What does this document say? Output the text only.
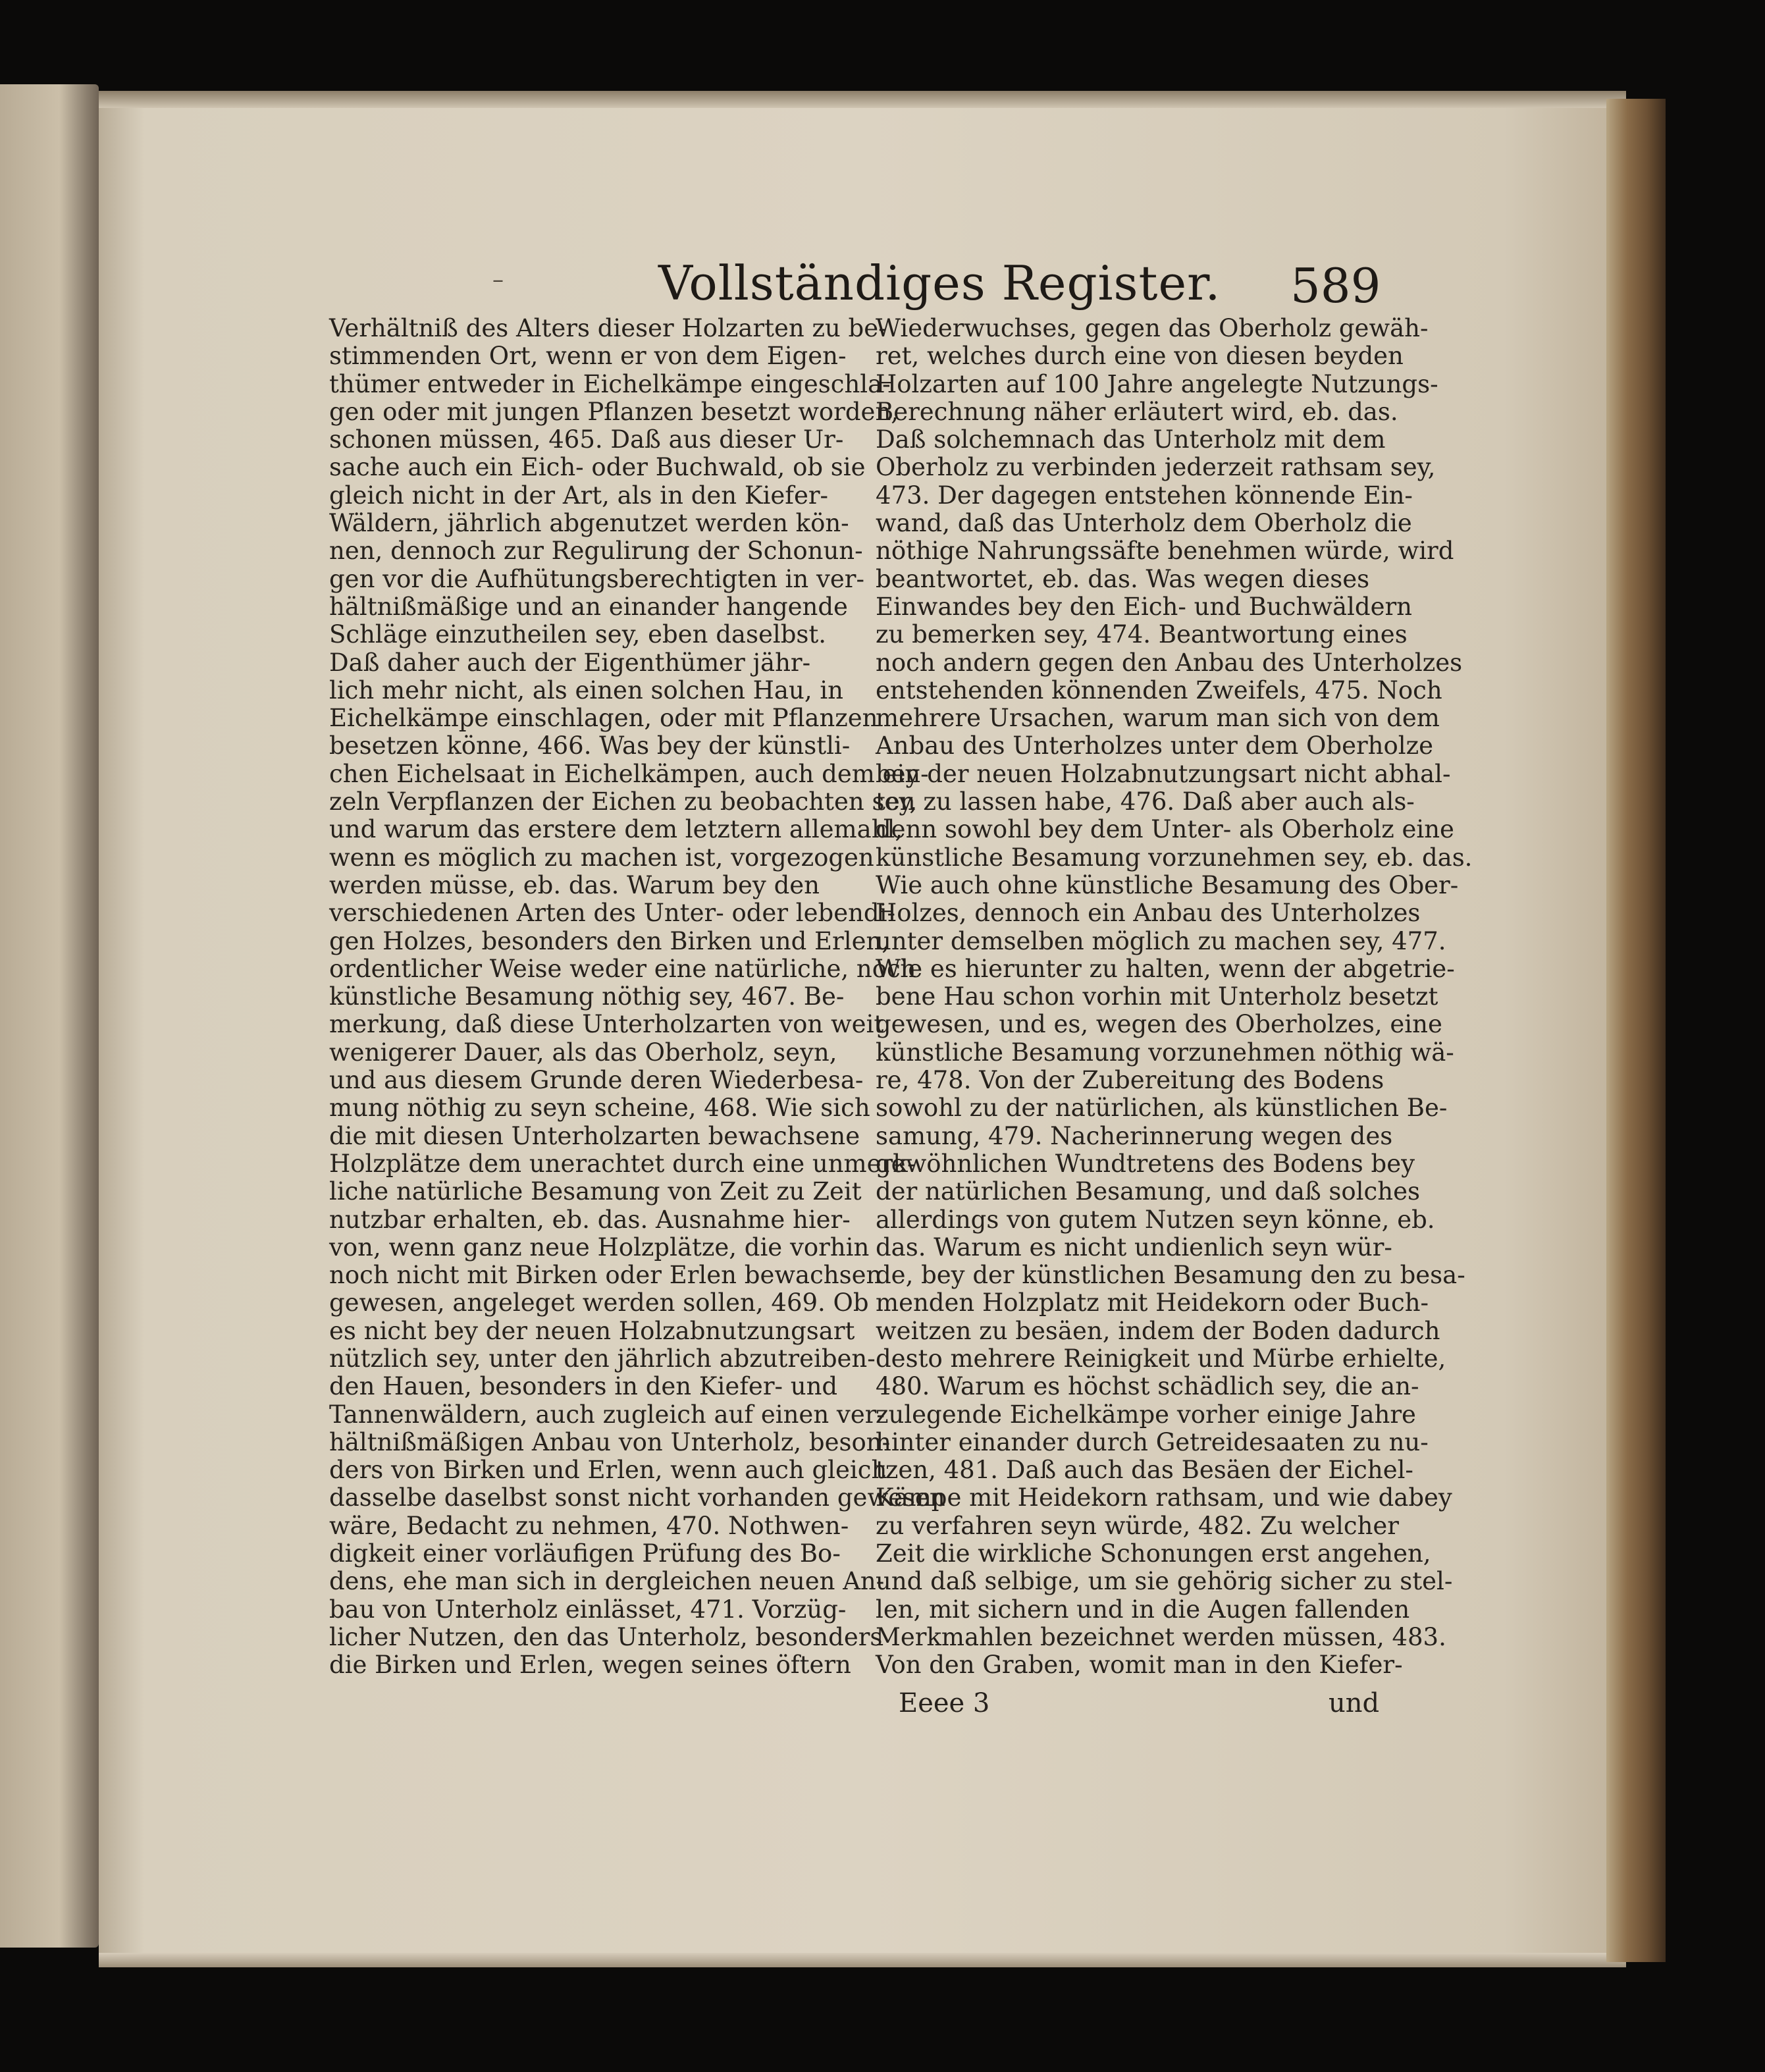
–	Vollständiges Register.	589
Verhältniß des Alters dieser Holzarten zu be-
stimmenden Ort, wenn er von dem Eigen-
thümer entweder in Eichelkämpe eingeschla-
gen oder mit jungen Pflanzen besetzt worden,
schonen müssen, 465. Daß aus dieser Ur-
sache auch ein Eich- oder Buchwald, ob sie
gleich nicht in der Art, als in den Kiefer-
Wäldern, jährlich abgenutzet werden kön-
nen, dennoch zur Regulirung der Schonun-
gen vor die Aufhütungsberechtigten in ver-
hältnißmäßige und an einander hangende
Schläge einzutheilen sey, eben daselbst.
Daß daher auch der Eigenthümer jähr-
lich mehr nicht, als einen solchen Hau, in
Eichelkämpe einschlagen, oder mit Pflanzen
besetzen könne, 466. Was bey der künstli-
chen Eichelsaat in Eichelkämpen, auch dem ein-
zeln Verpflanzen der Eichen zu beobachten sey,
und warum das erstere dem letztern allemahl,
wenn es möglich zu machen ist, vorgezogen
werden müsse, eb. das. Warum bey den
verschiedenen Arten des Unter- oder lebendi-
gen Holzes, besonders den Birken und Erlen,
ordentlicher Weise weder eine natürliche, noch
künstliche Besamung nöthig sey, 467. Be-
merkung, daß diese Unterholzarten von weit
wenigerer Dauer, als das Oberholz, seyn,
und aus diesem Grunde deren Wiederbesa-
mung nöthig zu seyn scheine, 468. Wie sich
die mit diesen Unterholzarten bewachsene
Holzplätze dem unerachtet durch eine unmerk-
liche natürliche Besamung von Zeit zu Zeit
nutzbar erhalten, eb. das. Ausnahme hier-
von, wenn ganz neue Holzplätze, die vorhin
noch nicht mit Birken oder Erlen bewachsen
gewesen, angeleget werden sollen, 469. Ob
es nicht bey der neuen Holzabnutzungsart
nützlich sey, unter den jährlich abzutreiben-
den Hauen, besonders in den Kiefer- und
Tannenwäldern, auch zugleich auf einen ver-
hältnißmäßigen Anbau von Unterholz, beson-
ders von Birken und Erlen, wenn auch gleich
dasselbe daselbst sonst nicht vorhanden gewesen
wäre, Bedacht zu nehmen, 470. Nothwen-
digkeit einer vorläufigen Prüfung des Bo-
dens, ehe man sich in dergleichen neuen An-
bau von Unterholz einlässet, 471. Vorzüg-
licher Nutzen, den das Unterholz, besonders
die Birken und Erlen, wegen seines öftern
Wiederwuchses, gegen das Oberholz gewäh-
ret, welches durch eine von diesen beyden
Holzarten auf 100 Jahre angelegte Nutzungs-
Berechnung näher erläutert wird, eb. das.
Daß solchemnach das Unterholz mit dem
Oberholz zu verbinden jederzeit rathsam sey,
473. Der dagegen entstehen könnende Ein-
wand, daß das Unterholz dem Oberholz die
nöthige Nahrungssäfte benehmen würde, wird
beantwortet, eb. das. Was wegen dieses
Einwandes bey den Eich- und Buchwäldern
zu bemerken sey, 474. Beantwortung eines
noch andern gegen den Anbau des Unterholzes
entstehenden könnenden Zweifels, 475. Noch
mehrere Ursachen, warum man sich von dem
Anbau des Unterholzes unter dem Oberholze
bey der neuen Holzabnutzungsart nicht abhal-
ten zu lassen habe, 476. Daß aber auch als-
denn sowohl bey dem Unter- als Oberholz eine
künstliche Besamung vorzunehmen sey, eb. das.
Wie auch ohne künstliche Besamung des Ober-
Holzes, dennoch ein Anbau des Unterholzes
unter demselben möglich zu machen sey, 477.
Wie es hierunter zu halten, wenn der abgetrie-
bene Hau schon vorhin mit Unterholz besetzt
gewesen, und es, wegen des Oberholzes, eine
künstliche Besamung vorzunehmen nöthig wä-
re, 478. Von der Zubereitung des Bodens
sowohl zu der natürlichen, als künstlichen Be-
samung, 479. Nacherinnerung wegen des
gewöhnlichen Wundtretens des Bodens bey
der natürlichen Besamung, und daß solches
allerdings von gutem Nutzen seyn könne, eb.
das. Warum es nicht undienlich seyn wür-
de, bey der künstlichen Besamung den zu besa-
menden Holzplatz mit Heidekorn oder Buch-
weitzen zu besäen, indem der Boden dadurch
desto mehrere Reinigkeit und Mürbe erhielte,
480. Warum es höchst schädlich sey, die an-
zulegende Eichelkämpe vorher einige Jahre
hinter einander durch Getreidesaaten zu nu-
tzen, 481. Daß auch das Besäen der Eichel-
Kämpe mit Heidekorn rathsam, und wie dabey
zu verfahren seyn würde, 482. Zu welcher
Zeit die wirkliche Schonungen erst angehen,
und daß selbige, um sie gehörig sicher zu stel-
len, mit sichern und in die Augen fallenden
Merkmahlen bezeichnet werden müssen, 483.
Von den Graben, womit man in den Kiefer-
Eeee 3	und
